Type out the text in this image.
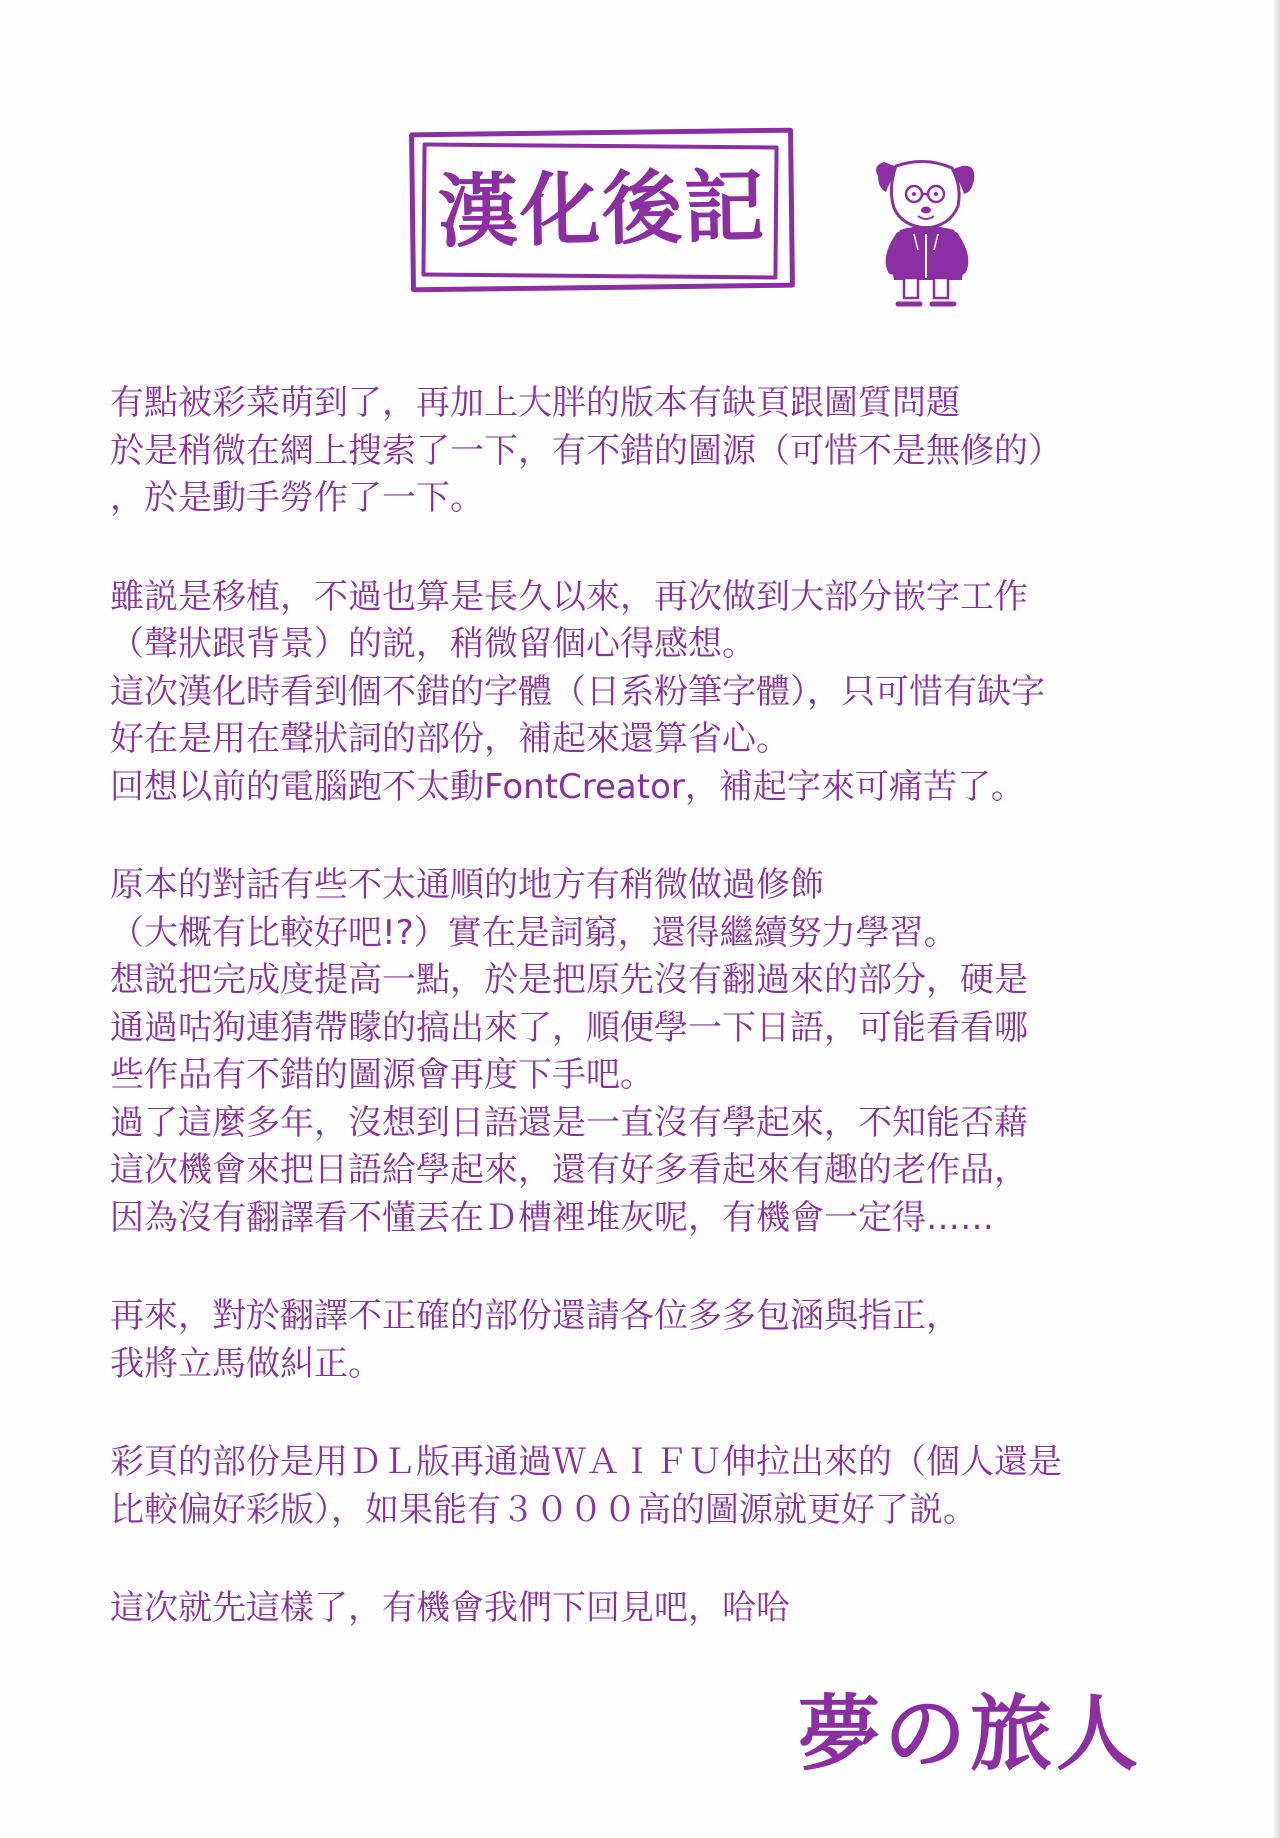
漢化後記
有點被彩菜萌到了，再加上大胖的版本有缺頁跟圖質問題
於是稍微在網上搜索了一下，有不錯的圖源（可惜不是無修的）
，於是動手勞作了一下。
雖説是移植，不過也算是長久以來，再次做到大部分嵌字工作
（聲狀跟背景）的説，稍微留個心得感想。
這次漢化時看到個不錯的字體（日系粉筆字體），只可惜有缺字
好在是用在聲狀詞的部份，補起來還算省心。
回想以前的電腦跑不太動FontCreator，補起字來可痛苦了。
原本的對話有些不太通順的地方有稍微做過修飾
（大概有比較好吧!?）實在是詞窮，還得繼續努力學習。
想説把完成度提高一點，於是把原先沒有翻過來的部分，硬是
通過咕狗連猜帶矇的搞出來了，順便學一下日語，可能看看哪
些作品有不錯的圖源會再度下手吧。
過了這麼多年，沒想到日語還是一直沒有學起來，不知能否藉
這次機會來把日語給學起來，還有好多看起來有趣的老作品，
因為沒有翻譯看不懂丟在Ｄ槽裡堆灰呢，有機會一定得……
再來，對於翻譯不正確的部份還請各位多多包涵與指正，
我將立馬做糾正。
彩頁的部份是用ＤＬ版再通過ＷＡＩＦＵ伸拉出來的（個人還是
比較偏好彩版），如果能有３０００高的圖源就更好了説。
這次就先這樣了，有機會我們下回見吧，哈哈
夢の旅人
